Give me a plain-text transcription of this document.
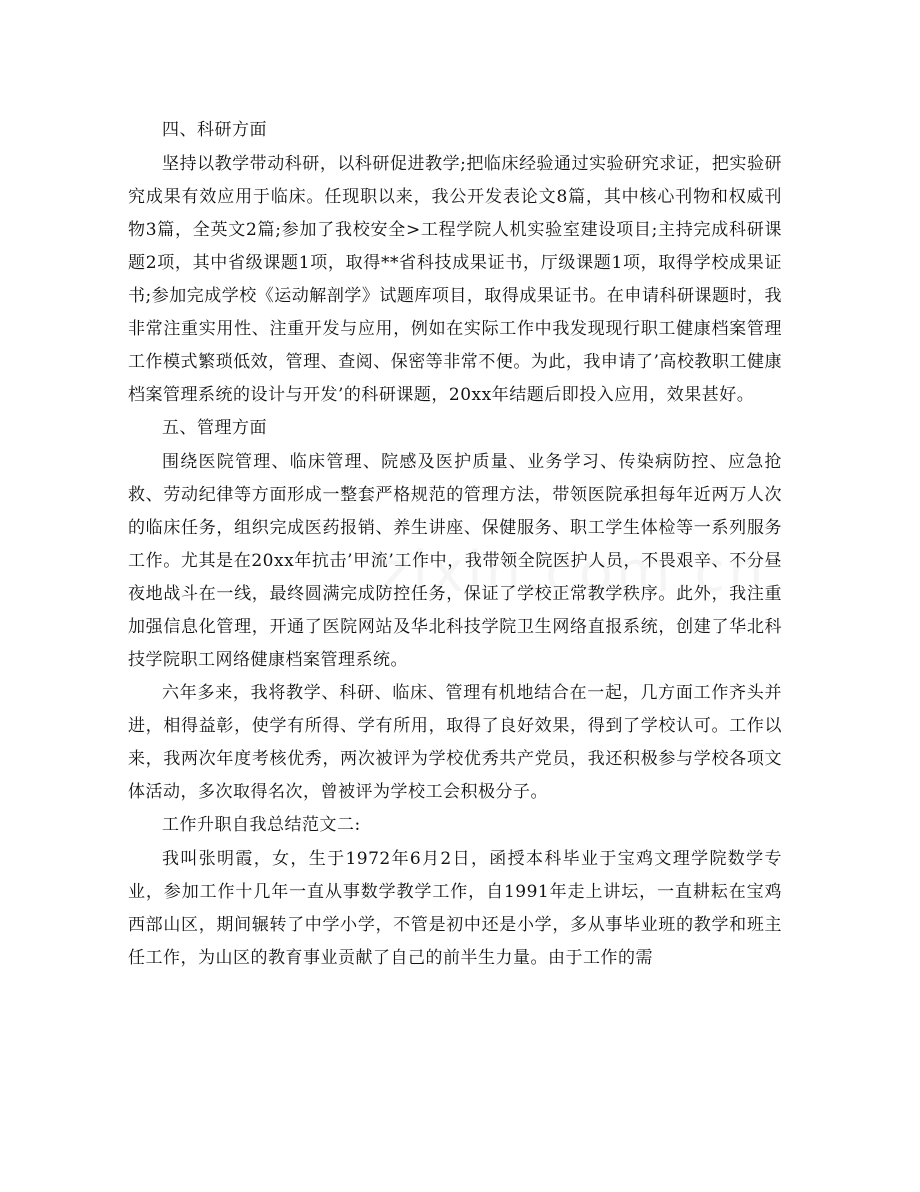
四、科研方面

坚持以教学带动科研，以科研促进教学;把临床经验通过实验研究求证，把实验研究成果有效应用于临床。任现职以来，我公开发表论文8篇，其中核心刊物和权威刊物3篇，全英文2篇;参加了我校安全>工程学院人机实验室建设项目;主持完成科研课题2项，其中省级课题1项，取得**省科技成果证书，厅级课题1项，取得学校成果证书;参加完成学校《运动解剖学》试题库项目，取得成果证书。在申请科研课题时，我非常注重实用性、注重开发与应用，例如在实际工作中我发现现行职工健康档案管理工作模式繁琐低效，管理、查阅、保密等非常不便。为此，我申请了’高校教职工健康档案管理系统的设计与开发’的科研课题，20xx年结题后即投入应用，效果甚好。

五、管理方面

围绕医院管理、临床管理、院感及医护质量、业务学习、传染病防控、应急抢救、劳动纪律等方面形成一整套严格规范的管理方法，带领医院承担每年近两万人次的临床任务，组织完成医药报销、养生讲座、保健服务、职工学生体检等一系列服务工作。尤其是在20xx年抗击’甲流’工作中，我带领全院医护人员，不畏艰辛、不分昼夜地战斗在一线，最终圆满完成防控任务，保证了学校正常教学秩序。此外，我注重加强信息化管理，开通了医院网站及华北科技学院卫生网络直报系统，创建了华北科技学院职工网络健康档案管理系统。

六年多来，我将教学、科研、临床、管理有机地结合在一起，几方面工作齐头并进，相得益彰，使学有所得、学有所用，取得了良好效果，得到了学校认可。工作以来，我两次年度考核优秀，两次被评为学校优秀共产党员，我还积极参与学校各项文体活动，多次取得名次，曾被评为学校工会积极分子。

工作升职自我总结范文二:

我叫张明霞，女，生于1972年6月2日，函授本科毕业于宝鸡文理学院数学专业，参加工作十几年一直从事数学教学工作，自1991年走上讲坛，一直耕耘在宝鸡西部山区，期间辗转了中学小学，不管是初中还是小学，多从事毕业班的教学和班主任工作，为山区的教育事业贡献了自己的前半生力量。由于工作的需
